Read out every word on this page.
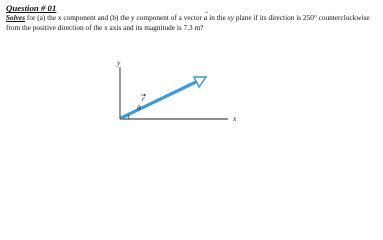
Question # 01
Solves for (a) the x component and (b) the y component of a vector → a in the xy plane if its direction is 250° counterclockwise from the positive direction of the x axis and its magnitude is 7.3 m?
y
x
r
θ
